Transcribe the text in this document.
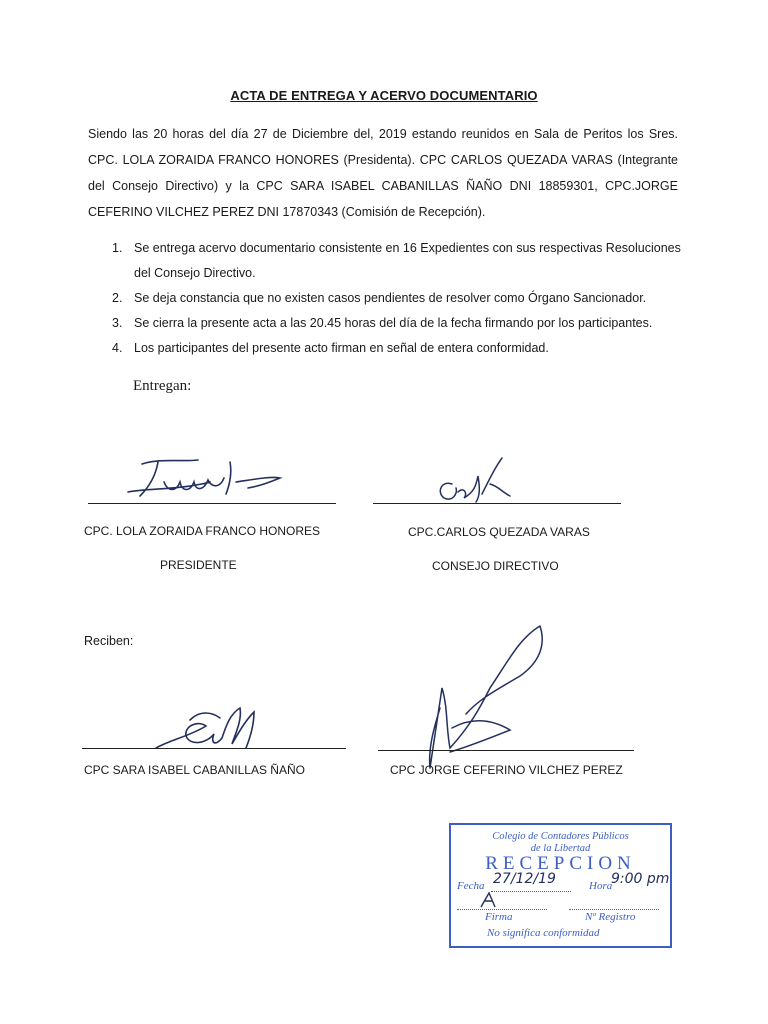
ACTA DE ENTREGA Y ACERVO DOCUMENTARIO
Siendo las 20 horas del día 27 de Diciembre del, 2019 estando reunidos en Sala de Peritos los Sres. CPC. LOLA ZORAIDA FRANCO HONORES (Presidenta). CPC CARLOS QUEZADA VARAS (Integrante del Consejo Directivo) y la CPC SARA ISABEL CABANILLAS ÑAÑO DNI 18859301, CPC.JORGE CEFERINO VILCHEZ PEREZ DNI 17870343 (Comisión de Recepción).
1. Se entrega acervo documentario consistente en 16 Expedientes con sus respectivas Resoluciones del Consejo Directivo.
2. Se deja constancia que no existen casos pendientes de resolver como Órgano Sancionador.
3. Se cierra la presente acta a las 20.45 horas del día de la fecha firmando por los participantes.
4. Los participantes del presente acto firman en señal de entera conformidad.
Entregan:
CPC. LOLA ZORAIDA FRANCO HONORES
PRESIDENTE
CPC.CARLOS QUEZADA VARAS
CONSEJO DIRECTIVO
Reciben:
CPC SARA ISABEL CABANILLAS ÑAÑO	CPC JORGE CEFERINO VILCHEZ PEREZ
Colegio de Contadores Públicos
de la Libertad
RECEPCION
Fecha 27/12/19	Hora
9:00 pm
Firma	Nº Registro
No significa conformidad
